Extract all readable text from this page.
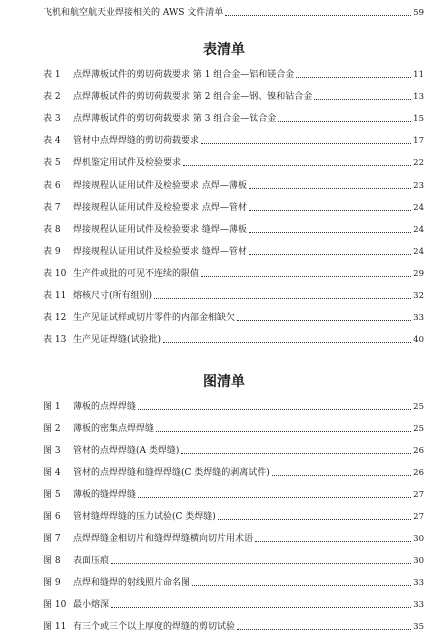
飞机和航空航天业焊接相关的 AWS 文件清单	59
表清单
表 1	点焊薄板试件的剪切荷载要求 第 1 组合金—铝和镁合金	11
表 2	点焊薄板试件的剪切荷载要求 第 2 组合金—钢、镍和钴合金	13
表 3	点焊薄板试件的剪切荷载要求 第 3 组合金—钛合金	15
表 4	管材中点焊焊缝的剪切荷载要求	17
表 5	焊机鉴定用试件及检验要求	22
表 6	焊接规程认证用试件及检验要求 点焊—薄板	23
表 7	焊接规程认证用试件及检验要求 点焊—管材	24
表 8	焊接规程认证用试件及检验要求 缝焊—薄板	24
表 9	焊接规程认证用试件及检验要求 缝焊—管材	24
表 10 生产件或批的可见不连续的限值	29
表 11 熔核尺寸(所有组别)	32
表 12 生产见证试样或切片零件的内部金相缺欠	33
表 13 生产见证焊缝(试验批)	40
图清单
图 1	薄板的点焊焊缝	25
图 2	薄板的密集点焊焊缝	25
图 3	管材的点焊焊缝(A 类焊缝)	26
图 4	管材的点焊焊缝和缝焊焊缝(C 类焊缝的剥离试件)	26
图 5	薄板的缝焊焊缝	27
图 6	管材缝焊焊缝的压力试验(C 类焊缝)	27
图 7	点焊焊缝金相切片和缝焊焊缝横向切片用术语	30
图 8	表面压痕	30
图 9	点焊和缝焊的射线照片命名图	33
图 10 最小熔深	33
图 11 有三个或三个以上厚度的焊缝的剪切试验	35
